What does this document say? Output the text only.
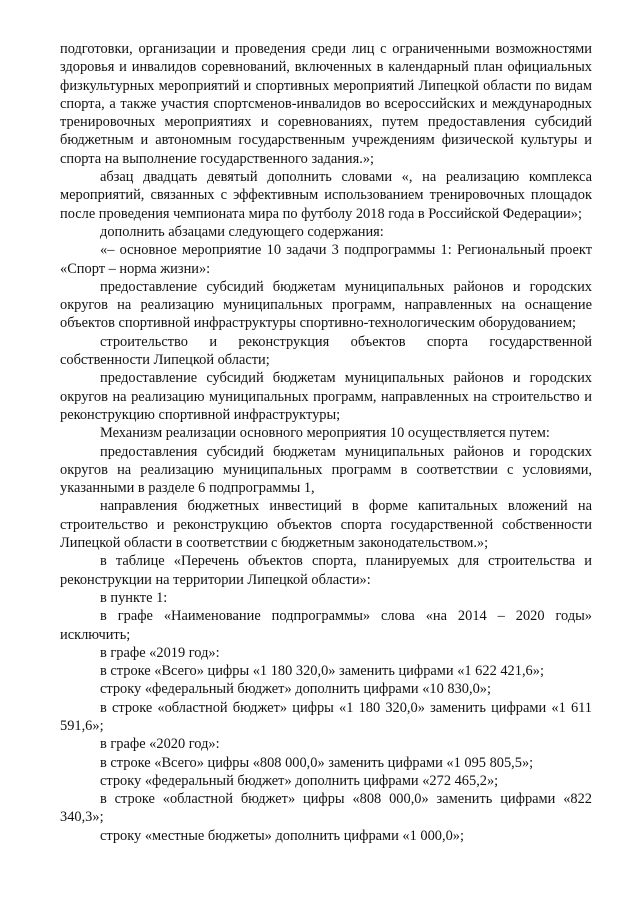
подготовки, организации и проведения среди лиц с ограниченными возможностями здоровья и инвалидов соревнований, включенных в календарный план официальных физкультурных мероприятий и спортивных мероприятий Липецкой области по видам спорта, а также участия спортсменов-инвалидов во всероссийских и международных тренировочных мероприятиях и соревнованиях, путем предоставления субсидий бюджетным и автономным государственным учреждениям физической культуры и спорта на выполнение государственного задания.»;

абзац двадцать девятый дополнить словами «, на реализацию комплекса мероприятий, связанных с эффективным использованием тренировочных площадок после проведения чемпионата мира по футболу 2018 года в Российской Федерации»;

дополнить абзацами следующего содержания:

«– основное мероприятие 10 задачи 3 подпрограммы 1: Региональный проект «Спорт – норма жизни»:

предоставление субсидий бюджетам муниципальных районов и городских округов на реализацию муниципальных программ, направленных на оснащение объектов спортивной инфраструктуры спортивно-технологическим оборудованием;

строительство и реконструкция объектов спорта государственной собственности Липецкой области;

предоставление субсидий бюджетам муниципальных районов и городских округов на реализацию муниципальных программ, направленных на строительство и реконструкцию спортивной инфраструктуры;

Механизм реализации основного мероприятия 10 осуществляется путем:

предоставления субсидий бюджетам муниципальных районов и городских округов на реализацию муниципальных программ в соответствии с условиями, указанными в разделе 6 подпрограммы 1,

направления бюджетных инвестиций в форме капитальных вложений на строительство и реконструкцию объектов спорта государственной собственности Липецкой области в соответствии с бюджетным законодательством.»;

в таблице «Перечень объектов спорта, планируемых для строительства и реконструкции на территории Липецкой области»:

в пункте 1:

в графе «Наименование подпрограммы» слова «на 2014 – 2020 годы» исключить;

в графе «2019 год»:

в строке «Всего» цифры «1 180 320,0» заменить цифрами «1 622 421,6»;

строку «федеральный бюджет» дополнить цифрами «10 830,0»;

в строке «областной бюджет» цифры «1 180 320,0» заменить цифрами «1 611 591,6»;

в графе «2020 год»:

в строке «Всего» цифры «808 000,0» заменить цифрами «1 095 805,5»;

строку «федеральный бюджет» дополнить цифрами «272 465,2»;

в строке «областной бюджет» цифры «808 000,0» заменить цифрами «822 340,3»;

строку «местные бюджеты» дополнить цифрами «1 000,0»;
